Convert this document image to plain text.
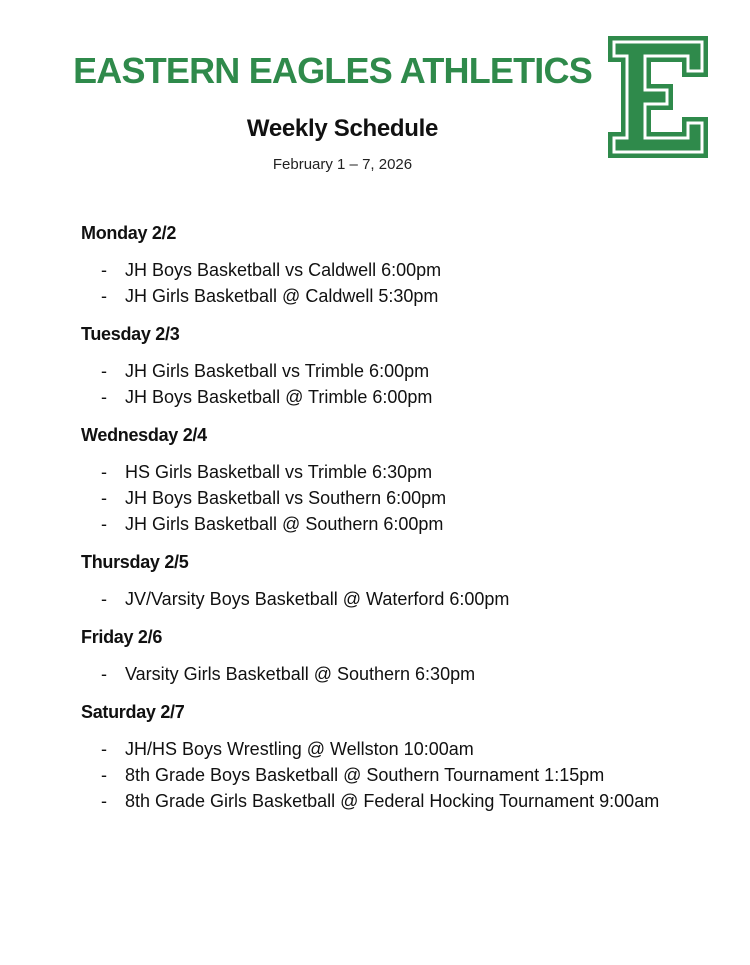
EASTERN EAGLES ATHLETICS
Weekly Schedule
February 1 – 7, 2026
Monday 2/2
- JH Boys Basketball vs Caldwell 6:00pm
- JH Girls Basketball @ Caldwell 5:30pm
Tuesday 2/3
- JH Girls Basketball vs Trimble 6:00pm
- JH Boys Basketball @ Trimble 6:00pm
Wednesday 2/4
- HS Girls Basketball vs Trimble 6:30pm
- JH Boys Basketball vs Southern 6:00pm
- JH Girls Basketball @ Southern 6:00pm
Thursday 2/5
- JV/Varsity Boys Basketball @ Waterford 6:00pm
Friday 2/6
- Varsity Girls Basketball @ Southern 6:30pm
Saturday 2/7
- JH/HS Boys Wrestling @ Wellston 10:00am
- 8th Grade Boys Basketball @ Southern Tournament 1:15pm
- 8th Grade Girls Basketball @ Federal Hocking Tournament 9:00am
